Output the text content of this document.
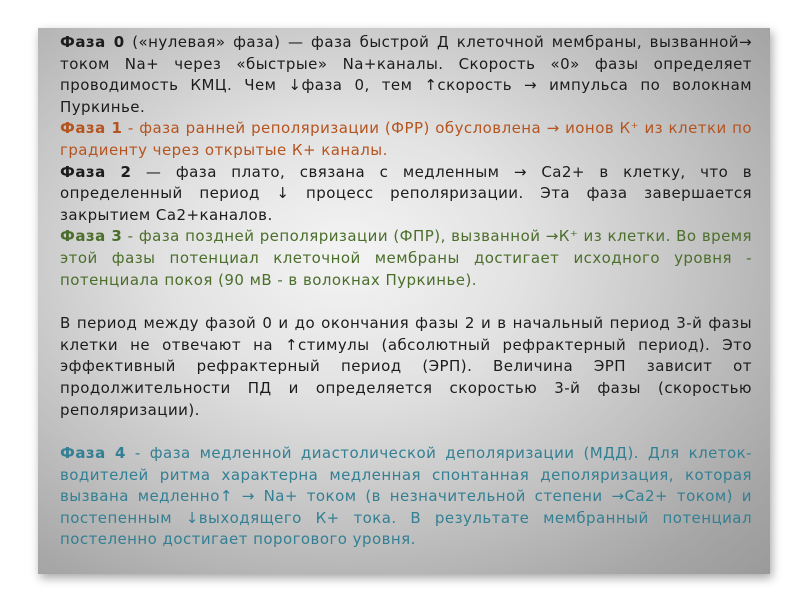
Фаза 0 («нулевая» фаза) — фаза быстрой Д клеточной мембраны, вызванной→ током Na+ через «быстрые» Na+каналы. Скорость «0» фазы определяет проводимость КМЦ. Чем ↓фаза 0, тем ↑скорость → импульса по волокнам Пуркинье.

Фаза 1 - фаза ранней реполяризации (ФРР) обусловлена → ионов К⁺ из клетки по градиенту через открытые К+ каналы.

Фаза 2 — фаза плато, связана с медленным → Са2+ в клетку, что в определенный период ↓ процесс реполяризации. Эта фаза завершается закрытием Са2+каналов.

Фаза 3 - фаза поздней реполяризации (ФПР), вызванной →К⁺ из клетки. Во время этой фазы потенциал клеточной мембраны достигает исходного уровня - потенциала покоя (90 мВ - в волокнах Пуркинье).

В период между фазой 0 и до окончания фазы 2 и в начальный период 3-й фазы клетки не отвечают на ↑стимулы (абсолютный рефрактерный период). Это эффективный рефрактерный период (ЭРП). Величина ЭРП зависит от продолжительности ПД и определяется скоростью 3-й фазы (скоростью реполяризации).

Фаза 4 - фаза медленной диастолической деполяризации (МДД). Для клеток-водителей ритма характерна медленная спонтанная деполяризация, которая вызвана медленно↑ → Na+ током (в незначительной степени →Ca2+ током) и постепенным ↓выходящего К+ тока. В результате мембранный потенциал постеленно достигает порогового уровня.
